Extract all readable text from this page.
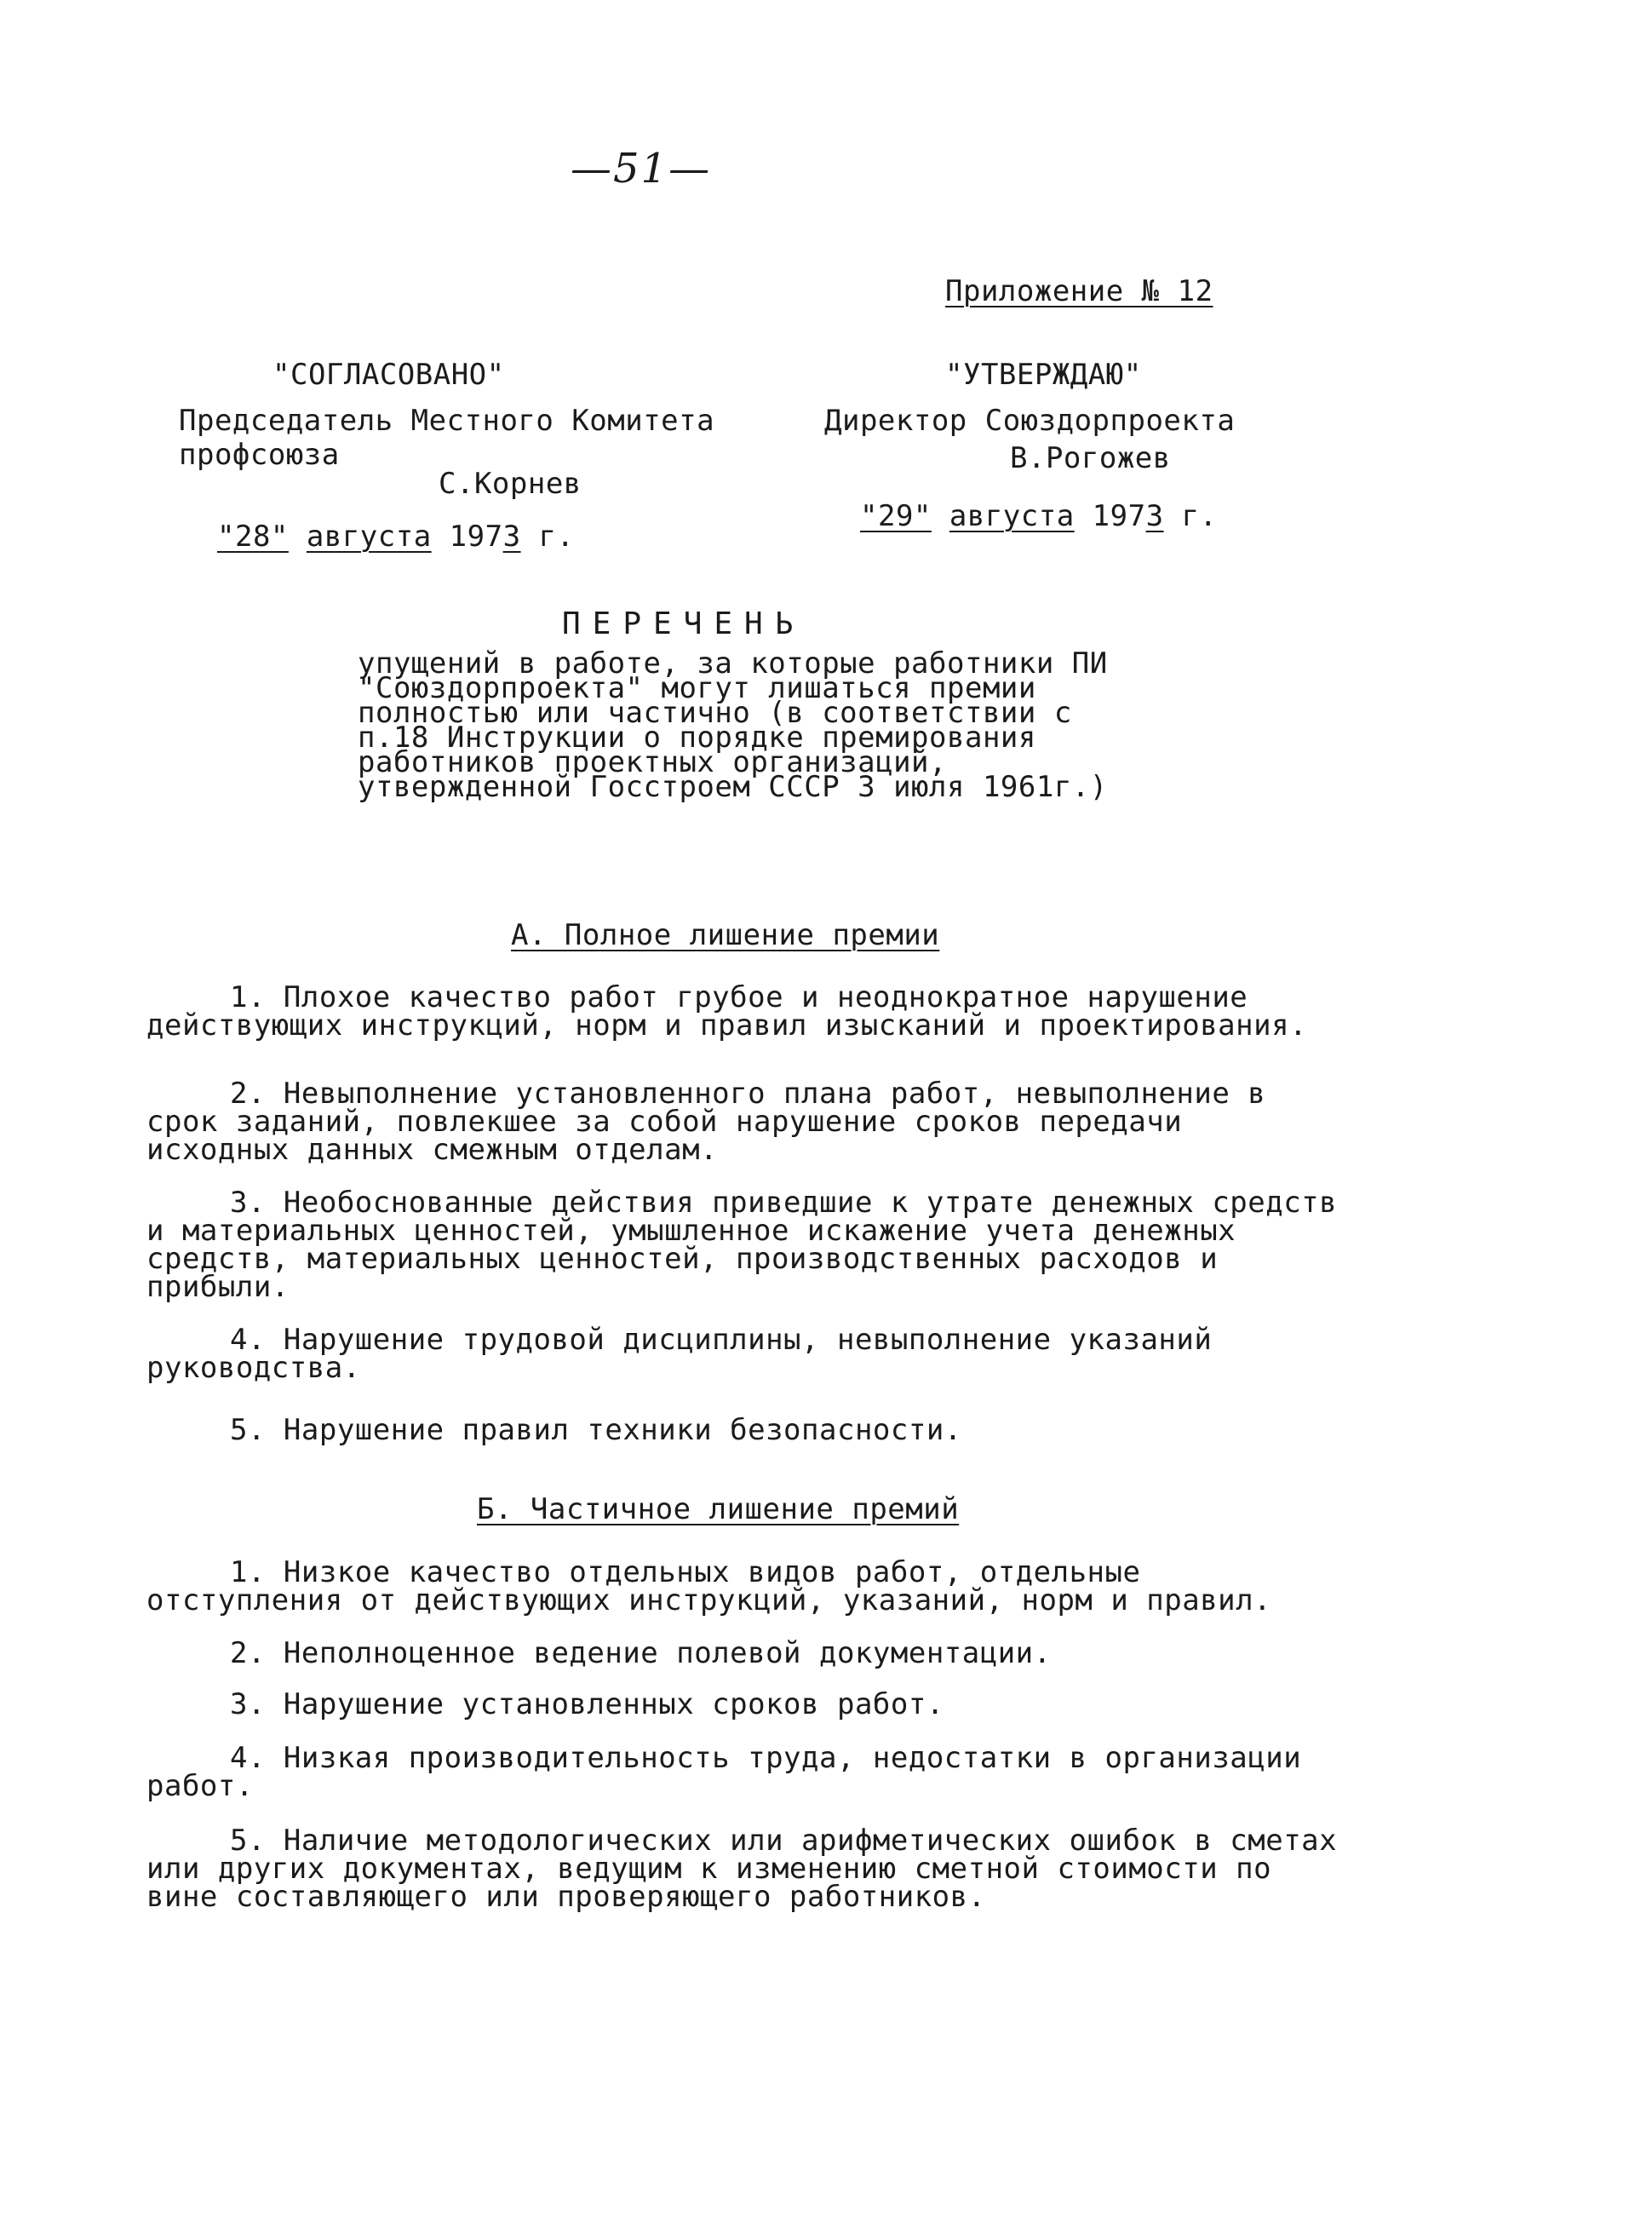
—51—
Приложение № 12
"СОГЛАСОВАНО"
Председатель Местного Комитета
профсоюза
С.Корнев
"28" августа 1973 г.
"УТВЕРЖДАЮ"
Директор Союздорпроекта
В.Рогожев
"29" августа 1973 г.
ПЕРЕЧЕНЬ
упущений в работе, за которые работники ПИ "Союздорпроекта" могут лишаться премии полностью или частично (в соответствии с п.18 Инструкции о порядке премирования работников проектных организаций, утвержденной Госстроем СССР 3 июля 1961г.)
А. Полное лишение премии
1. Плохое качество работ грубое и неоднократное нарушение действующих инструкций, норм и правил изысканий и проектирования.
2. Невыполнение установленного плана работ, невыполнение в срок заданий, повлекшее за собой нарушение сроков передачи исходных данных смежным отделам.
3. Необоснованные действия приведшие к утрате денежных средств и материальных ценностей, умышленное искажение учета денежных средств, материальных ценностей, производственных расходов и прибыли.
4. Нарушение трудовой дисциплины, невыполнение указаний руководства.
5. Нарушение правил техники безопасности.
Б. Частичное лишение премий
1. Низкое качество отдельных видов работ, отдельные отступления от действующих инструкций, указаний, норм и правил.
2. Неполноценное ведение полевой документации.
3. Нарушение установленных сроков работ.
4. Низкая производительность труда, недостатки в организации работ.
5. Наличие методологических или арифметических ошибок в сметах или других документах, ведущим к изменению сметной стоимости по вине составляющего или проверяющего работников.
